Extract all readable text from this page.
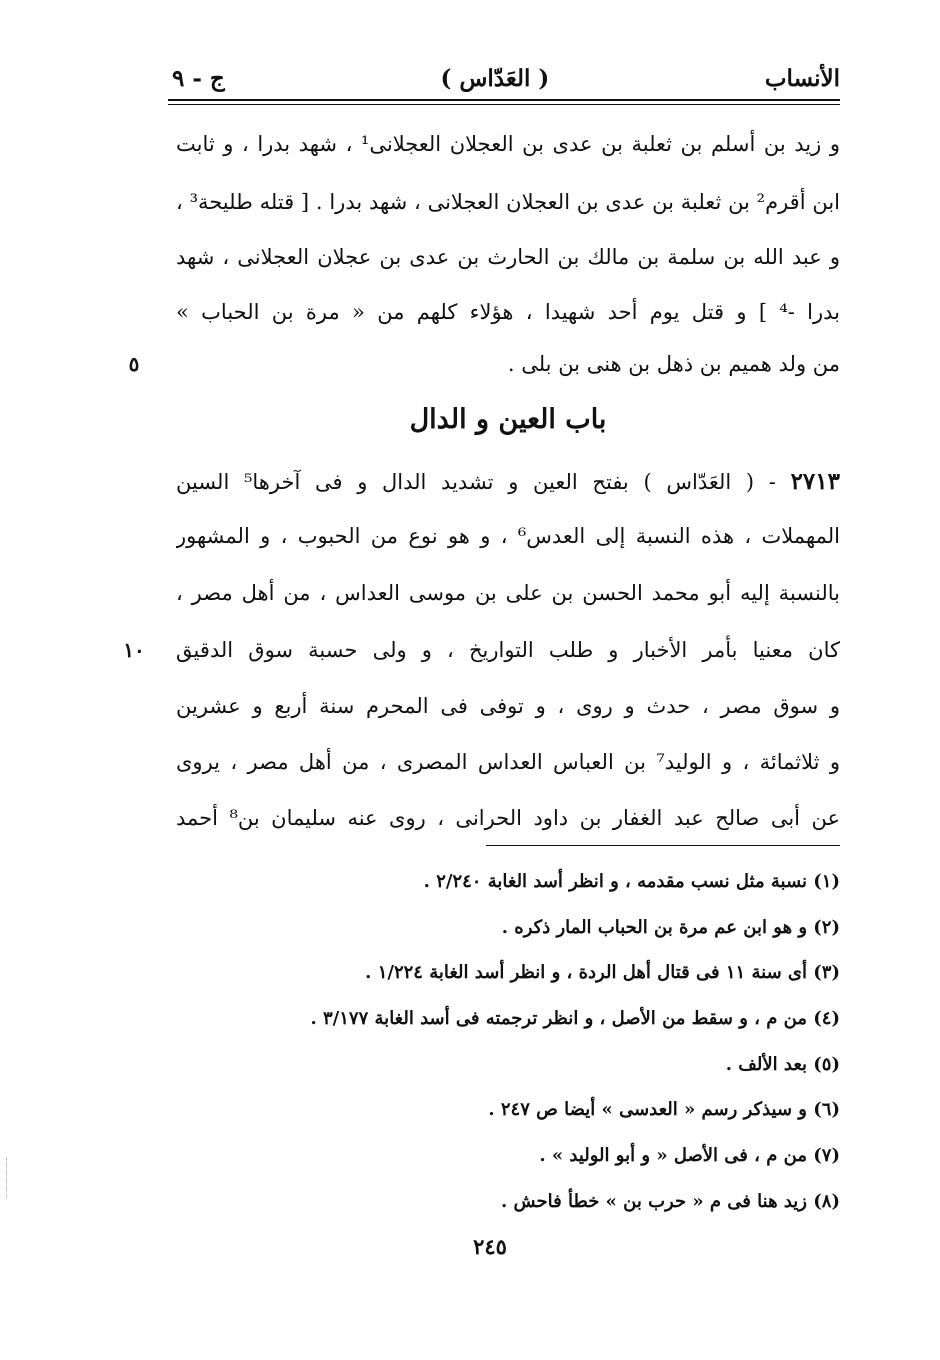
الأنساب
( العَدّاس )
ج - ٩
و زيد بن أسلم بن ثعلبة بن عدى بن العجلان العجلانى¹ ، شهد بدرا ، و ثابت
ابن أقرم² بن ثعلبة بن عدى بن العجلان العجلانى ، شهد بدرا . [ قتله طليحة³ ،
و عبد الله بن سلمة بن مالك بن الحارث بن عدى بن عجلان العجلانى ، شهد
بدرا -⁴ ] و قتل يوم أحد شهيدا ، هؤلاء كلهم من « مرة بن الحباب »
من ولد هميم بن ذهل بن هنى بن بلى .
٥
باب العين و الدال
٢٧١٣ - ( العَدّاس ) بفتح العين و تشديد الدال و فى آخرها⁵ السين
المهملات ، هذه النسبة إلى العدس⁶ ، و هو نوع من الحبوب ، و المشهور
بالنسبة إليه أبو محمد الحسن بن على بن موسى العداس ، من أهل مصر ،
كان معنيا بأمر الأخبار و طلب التواريخ ، و ولى حسبة سوق الدقيق
و سوق مصر ، حدث و روى ، و توفى فى المحرم سنة أربع و عشرين
و ثلاثمائة ، و الوليد⁷ بن العباس العداس المصرى ، من أهل مصر ، يروى
عن أبى صالح عبد الغفار بن داود الحرانى ، روى عنه سليمان بن⁸ أحمد
١٠
(١) نسبة مثل نسب مقدمه ، و انظر أسد الغابة ٢/٢٤٠ .
(٢) و هو ابن عم مرة بن الحباب المار ذكره .
(٣) أى سنة ١١ فى قتال أهل الردة ، و انظر أسد الغابة ١/٢٢٤ .
(٤) من م ، و سقط من الأصل ، و انظر ترجمته فى أسد الغابة ٣/١٧٧ .
(٥) بعد الألف .
(٦) و سيذكر رسم « العدسى » أيضا ص ٢٤٧ .
(٧) من م ، فى الأصل « و أبو الوليد » .
(٨) زيد هنا فى م « حرب بن » خطأ فاحش .
٢٤٥
